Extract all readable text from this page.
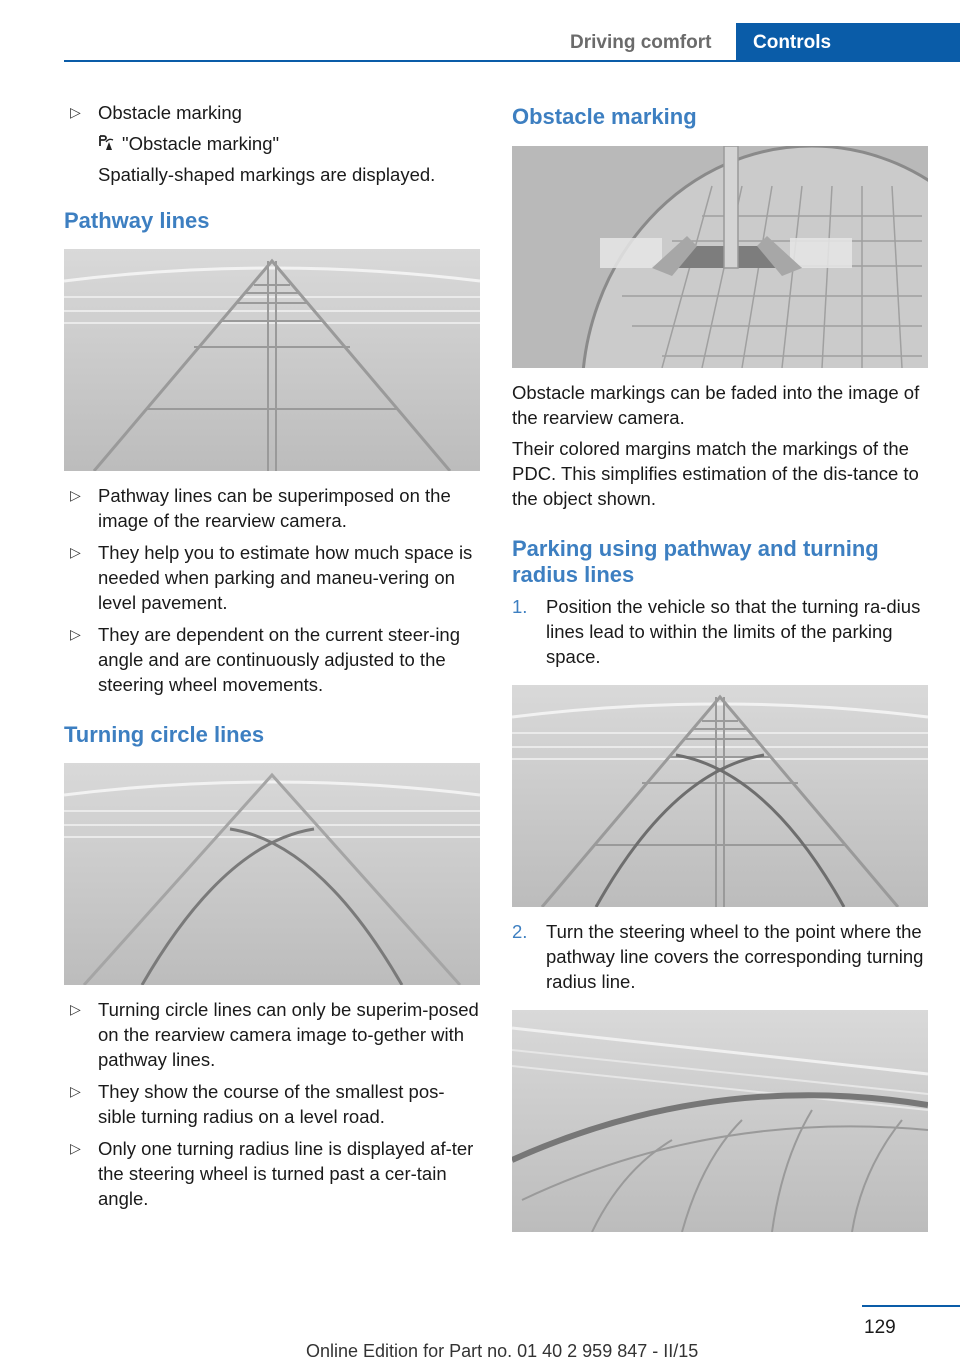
Driving comfort Controls
▷ Obstacle marking
"Obstacle marking"
Spatially-shaped markings are displayed.
Pathway lines
▷ Pathway lines can be superimposed on the image of the rearview camera.
▷ They help you to estimate how much space is needed when parking and maneu‐vering on level pavement.
▷ They are dependent on the current steer‐ing angle and are continuously adjusted to the steering wheel movements.
Turning circle lines
▷ Turning circle lines can only be superim‐posed on the rearview camera image to‐gether with pathway lines.
▷ They show the course of the smallest pos‐sible turning radius on a level road.
▷ Only one turning radius line is displayed af‐ter the steering wheel is turned past a cer‐tain angle.
Obstacle marking

Obstacle markings can be faded into the image of the rearview camera.

Their colored margins match the markings of the PDC. This simplifies estimation of the dis‐tance to the object shown.

Parking using pathway and turning radius lines
1. Position the vehicle so that the turning ra‐dius lines lead to within the limits of the parking space.
2. Turn the steering wheel to the point where the pathway line covers the corresponding turning radius line.
129
Online Edition for Part no. 01 40 2 959 847 - II/15
